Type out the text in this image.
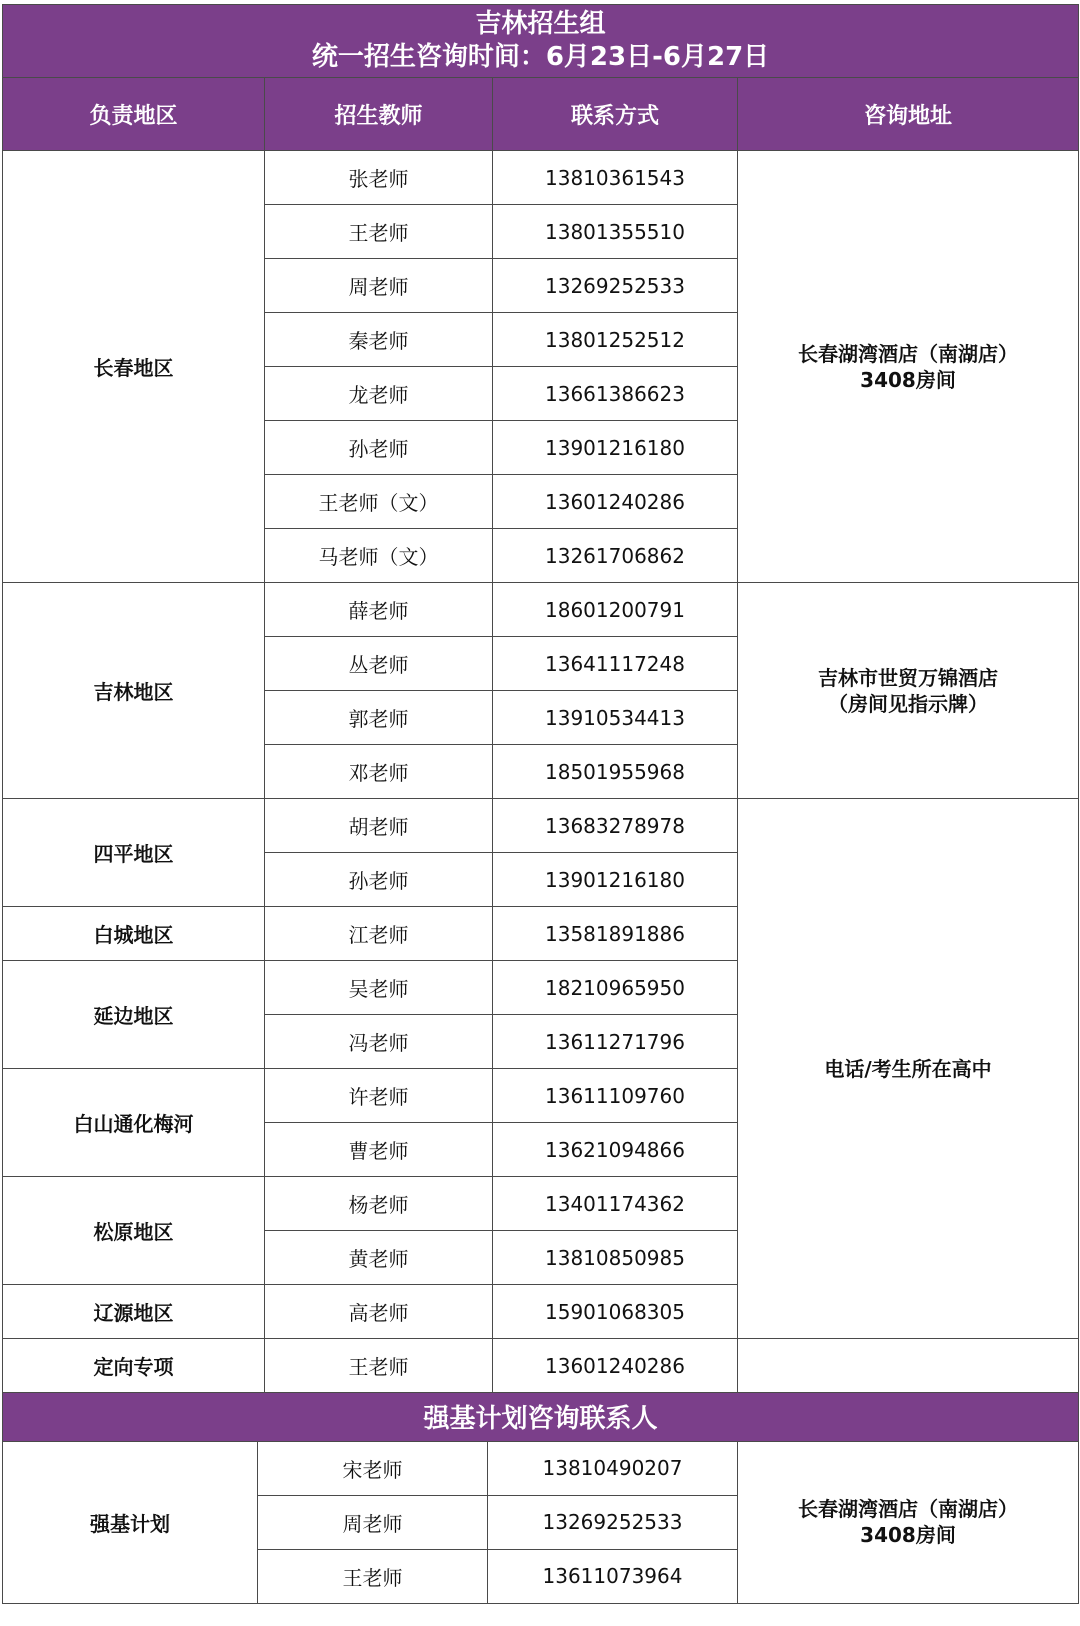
吉林招生组
统一招生咨询时间：6月23日-6月27日			

负责地区	招生教师	联系方式	咨询地址
长春地区	张老师	13810361543	长春湖湾酒店（南湖店）
3408房间

	王老师	13801355510	
	周老师	13269252533	
	秦老师	13801252512	
	龙老师	13661386623	
	孙老师	13901216180	
	王老师（文）	13601240286	
	马老师（文）	13261706862	
吉林地区	薛老师	18601200791	吉林市世贸万锦酒店
（房间见指示牌）

	丛老师	13641117248	
	郭老师	13910534413	
	邓老师	18501955968	
四平地区	胡老师	13683278978	电话/考生所在高中
	孙老师	13901216180	
白城地区	江老师	13581891886	
延边地区	吴老师	18210965950	
	冯老师	13611271796	
白山通化梅河	许老师	13611109760	
	曹老师	13621094866	
松原地区	杨老师	13401174362	
	黄老师	13810850985	
辽源地区	高老师	15901068305	
定向专项	王老师	13601240286	
强基计划咨询联系人			
强基计划	宋老师	13810490207	长春湖湾酒店（南湖店）
3408房间

	周老师	13269252533	
	王老师	13611073964	
